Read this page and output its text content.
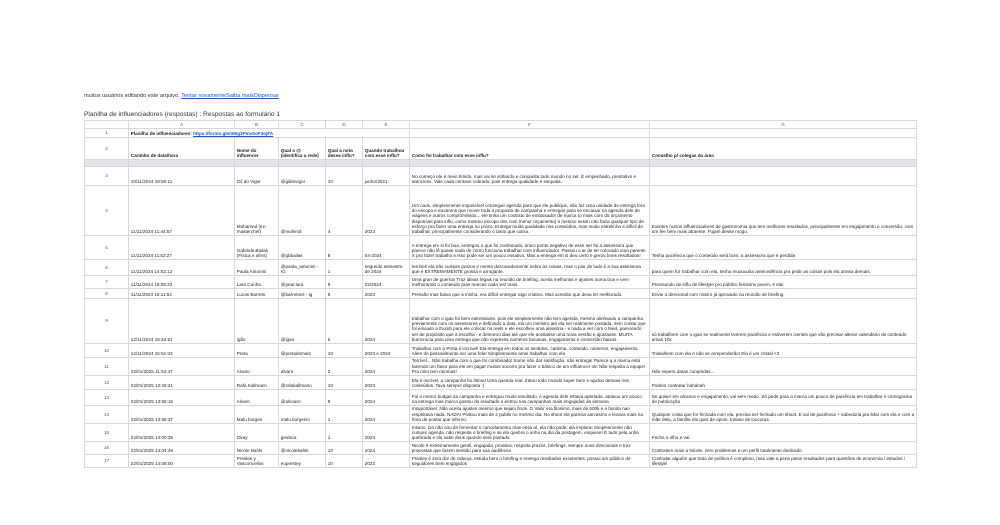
muitos usuários editando este arquivo. Tentar novamenteSaiba maisDispensar
Planilha de influenciadores (respostas) : Respostas ao formulário 1
	A	B	C	D	E	F	G
1	Planilha de influenciadores: https://forms.gle/3Wg3PmvZoF3ojFA						
2	Carimbo de data/hora	Nome do influencer	Qual o @ (identifica a rede)	Qual a nota desse influ?	Quando trabalhou com esse influ?	Como foi trabalhar com esse influ?	Conselho p/ colegas da área

3	10/11/2024 18:50:11	Gil do Vigor	@gildovigor	10	junho/2021	No começo ele é meio tímido, mas vai se soltando e conquista todo mundo no set. É empenhado, prestativo e atencioso. Vale cada centavo cobrado, pois entrega qualidade e simpatia.	
4	11/11/2024 11:44:57	Mohamed (ex-masterchef)	@mohindi	4	2023	Um caos, simplesmente impossível conseguir agenda para que ele publique, não faz uma unidade de entrega fora do escopo e travamos que mover toda a proposta de campanha e entregas para se encaixar na agenda dele de viagens e outros compromissos... ele tinha um contrato de embaixador de marca (o mais caro do orçamento disponível para influ, como mesmo escopo dos com menor orçamento) e mesmo assim não fazia qualquer tipo de esforço pra fazer uma entrega no prazo. Entrega muita qualidade nos conteúdos, mas muito estrelinha e difícil de trabalhar, principalmente considerando o tanto que cobra.	Existem outros influenciadores de gastronomia que tem melhores resultados, principalmente em engajamento e conversão, com um fee bem mais atraente. Fujam desse mogo.
5	11/11/2024 11:52:27	Gabriela Bailas (Física e afins)	@gbbailas	8	04-2024	A entrega em si foi boa, entregou o que foi combinado, único ponto negativo de esse ser foi a assessora que parece não lê quase nada de como funciona trabalhar com influenciador. Passou o ar de ter colocado uma parente X pra fazer trabalho e isso pode ser um pouco essativo. Mas a entrega em si deu certo e gerou bons resultados!	Tenha paciência que o conteúdo será bom, a assessora que é perdida
6	11/11/2024 14:52:12	Paola Antonini	@paola_antonini - IG	1	segundo semestre de 2024	terrível! ela não cumpre prazos e mente descaradamente sobre as coisas. mas o pior de tudo é a sua assessora que é EXTREMAMENTE grossa e arrogante.	para quem for trabalhar com ela, tenha muuuuuita antecedência pra pedir as coisas pois ela atrasa demais.
7	11/11/2024 18:06:23	Lara Cunha	@pear.lara	9	02/2024	Uma gran de guerria! Traz ideias legais na reunião de briefing, aceita melhorias e ajustes numa boa e vem melhorando o conteúdo pras marcas cada vez mais.	Precisando de influ de lifestyle pro público feminino jovem, é ela!
8	11/11/2024 18:11:52	Lucas Barreto	@barretovs - ig	6	2023	Pressão mas baixa que a minha, era difícil entregar algo criativo. Mas acredito que deva ter melhorado.	Envie o direcional com roteiro já aprovado na reunião de briefing.
9	12/11/2024 15:42:51	igão	@igao	5	2024	trabalhar com o igao foi bem estressante, pois ele simplesmente não tem agenda, mesmo alinhando a campanha previamente com os assessores e definindo a data, ela um minístro até ela ser realmente postada. sem contar que foi enviado a thumb para ele colocar no reels e ele escolheu uma aleatória - e nada a ver com o feed, parecendo ser de propósito que a escolha - e demorou dias até que ele aceitasse uma nova versão e ajustasse. MUITA burocracia para uma entrega que não expressa números bacanas, engajamento e conversão baixos.	só trabalhem com o igao se realmente tiverem paciência e estiverem cientes que vão precisar alterar calendário de conteúdo umas 10x
10	12/11/2024 15:51:03	Preta	@pretademais	10	2023 e 2024	Trabalhar com a Preta é incrível! Ela entrega em todos os sentidos, carisma, conteúdo, números, engajamento. Além de pessoalmente ser uma fofa! Simplesmente amei trabalhar com ela	Trabalhem com ela e não se arrependerão! Ela é um cristal <3
11	22/01/2025 11:54:47	Alvaro	alvaro	2	2024	Terrível... Não trabalha com o que foi combinado! Some não dar satisfação, não entrega! Parece q a marca está fazendo um favor para ele em pagar muitos socorro pra fazer o básico de um influencer ok! Não respeita a equipe! Pra mim tem ruinmas!	Não espere datas cumpridas...
12	22/01/2025 12:26:21	Rafa Kallmann	@rafakallmann	10	2023	Ela é incrível, a campanha foi ótima! Uma querida real, tratou todo mundo super bem e ajudou demais nos conteúdos. Tava sempre disposta :)	Podem contratar hahahah
13	22/01/2025 13:55:15	Alvaro	@alvoaro	9	2024	Foi o menor budget da campanha e entregou muito resultado. A agenda dele estava apertada, atrasou um pouco na entrega mas marca gostou do resultado e entrou nas campanhas mais engajadas da semana	Se quiser em alcance e engajamento, vai sem medo. Só pedir para a marca um pouco de paciência em trabalhar o cronograma de publicação
14	22/01/2025 13:58:37	Malu borges	malu.borgesm	1	2024	Insuportável. Não aceita ajustes mesmo que sejam finos. O Valor era filosimo, mais de 600k e a bonita nao respeitava nada. NADA! Postou mais de 2 publis no mesmo dia. No shoot ela parecia sarcasmo e levava mais na hora de postar que inferno.	Qualquer coisa que for fechada com ela, precisa ser fechado um shoot. E vai de paciência + sabedoria pra lidar com ela e com a mãe dela, a família ela quer de apoio. Insano de loucuras.
15	22/01/2025 14:00:39	Gkay	gessica	1	2023	Insano. Do não sou de fomentar o cancelamento mas essa aí, ela não pode, ela implora! Simplesmente não cumpre agenda, não respeita o briefing e se ela quebra o unha na dia da postagem, esquece! É tudo pela unha quebrada e ela sabe deus quando será postado.	Fecha o olho e vai.
16	22/01/2025 14:04:49	Nicole Bahls	@nicolebahls	10	2024	Nicole é extremamente gentil, engajada, proativa, respeita prazos, briefings, sempre ouve direcionais e traz propostas que fazem sentido para sua audiência	Contratem mais a Nicole, zero problemas e um perfil totalmente dedicado
17	22/01/2025 14:08:00	Preslee y Vasconcellos	euprestey	10	2022	Presley é zero dor de cabeça, estuda bem o briefing e entrega resultados excelentes, possui um público de seguidores bem engajados	Contratar alguém que trata de política é complexo, mas vale a pena pelos resultados para questões de economia / estudos / lifestyle
